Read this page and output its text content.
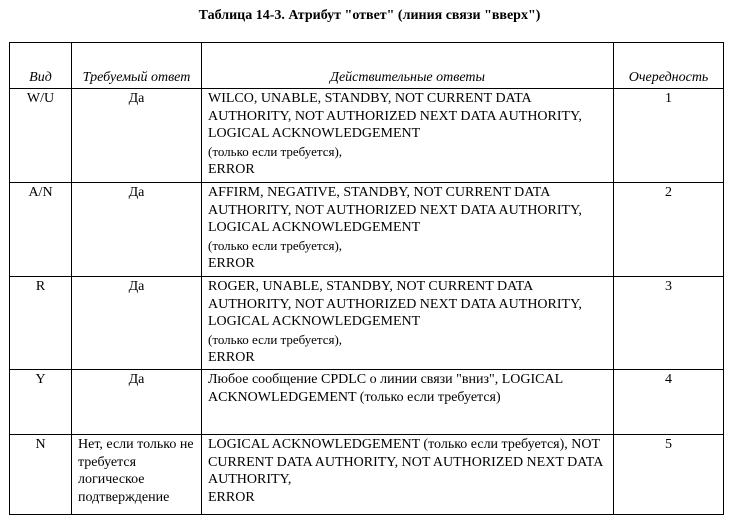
Таблица 14-3. Атрибут "ответ" (линия связи "вверх")
Вид	Требуемый ответ	Действительные ответы	Очередность
W/U	Да	WILCO, UNABLE, STANDBY, NOT CURRENT DATA AUTHORITY, NOT AUTHORIZED NEXT DATA AUTHORITY, LOGICAL ACKNOWLEDGEMENT
(только если требуется),
ERROR	1
A/N	Да	AFFIRM, NEGATIVE, STANDBY, NOT CURRENT DATA AUTHORITY, NOT AUTHORIZED NEXT DATA AUTHORITY, LOGICAL ACKNOWLEDGEMENT
(только если требуется),
ERROR	2
R	Да	ROGER, UNABLE, STANDBY, NOT CURRENT DATA AUTHORITY, NOT AUTHORIZED NEXT DATA AUTHORITY, LOGICAL ACKNOWLEDGEMENT
(только если требуется),
ERROR	3
Y	Да	Любое сообщение CPDLC о линии связи "вниз", LOGICAL ACKNOWLEDGEMENT (только если требуется)	4
N	Нет, если только не требуется логическое подтверждение	LOGICAL ACKNOWLEDGEMENT (только если требуется), NOT CURRENT DATA AUTHORITY, NOT AUTHORIZED NEXT DATA AUTHORITY,
ERROR	5
